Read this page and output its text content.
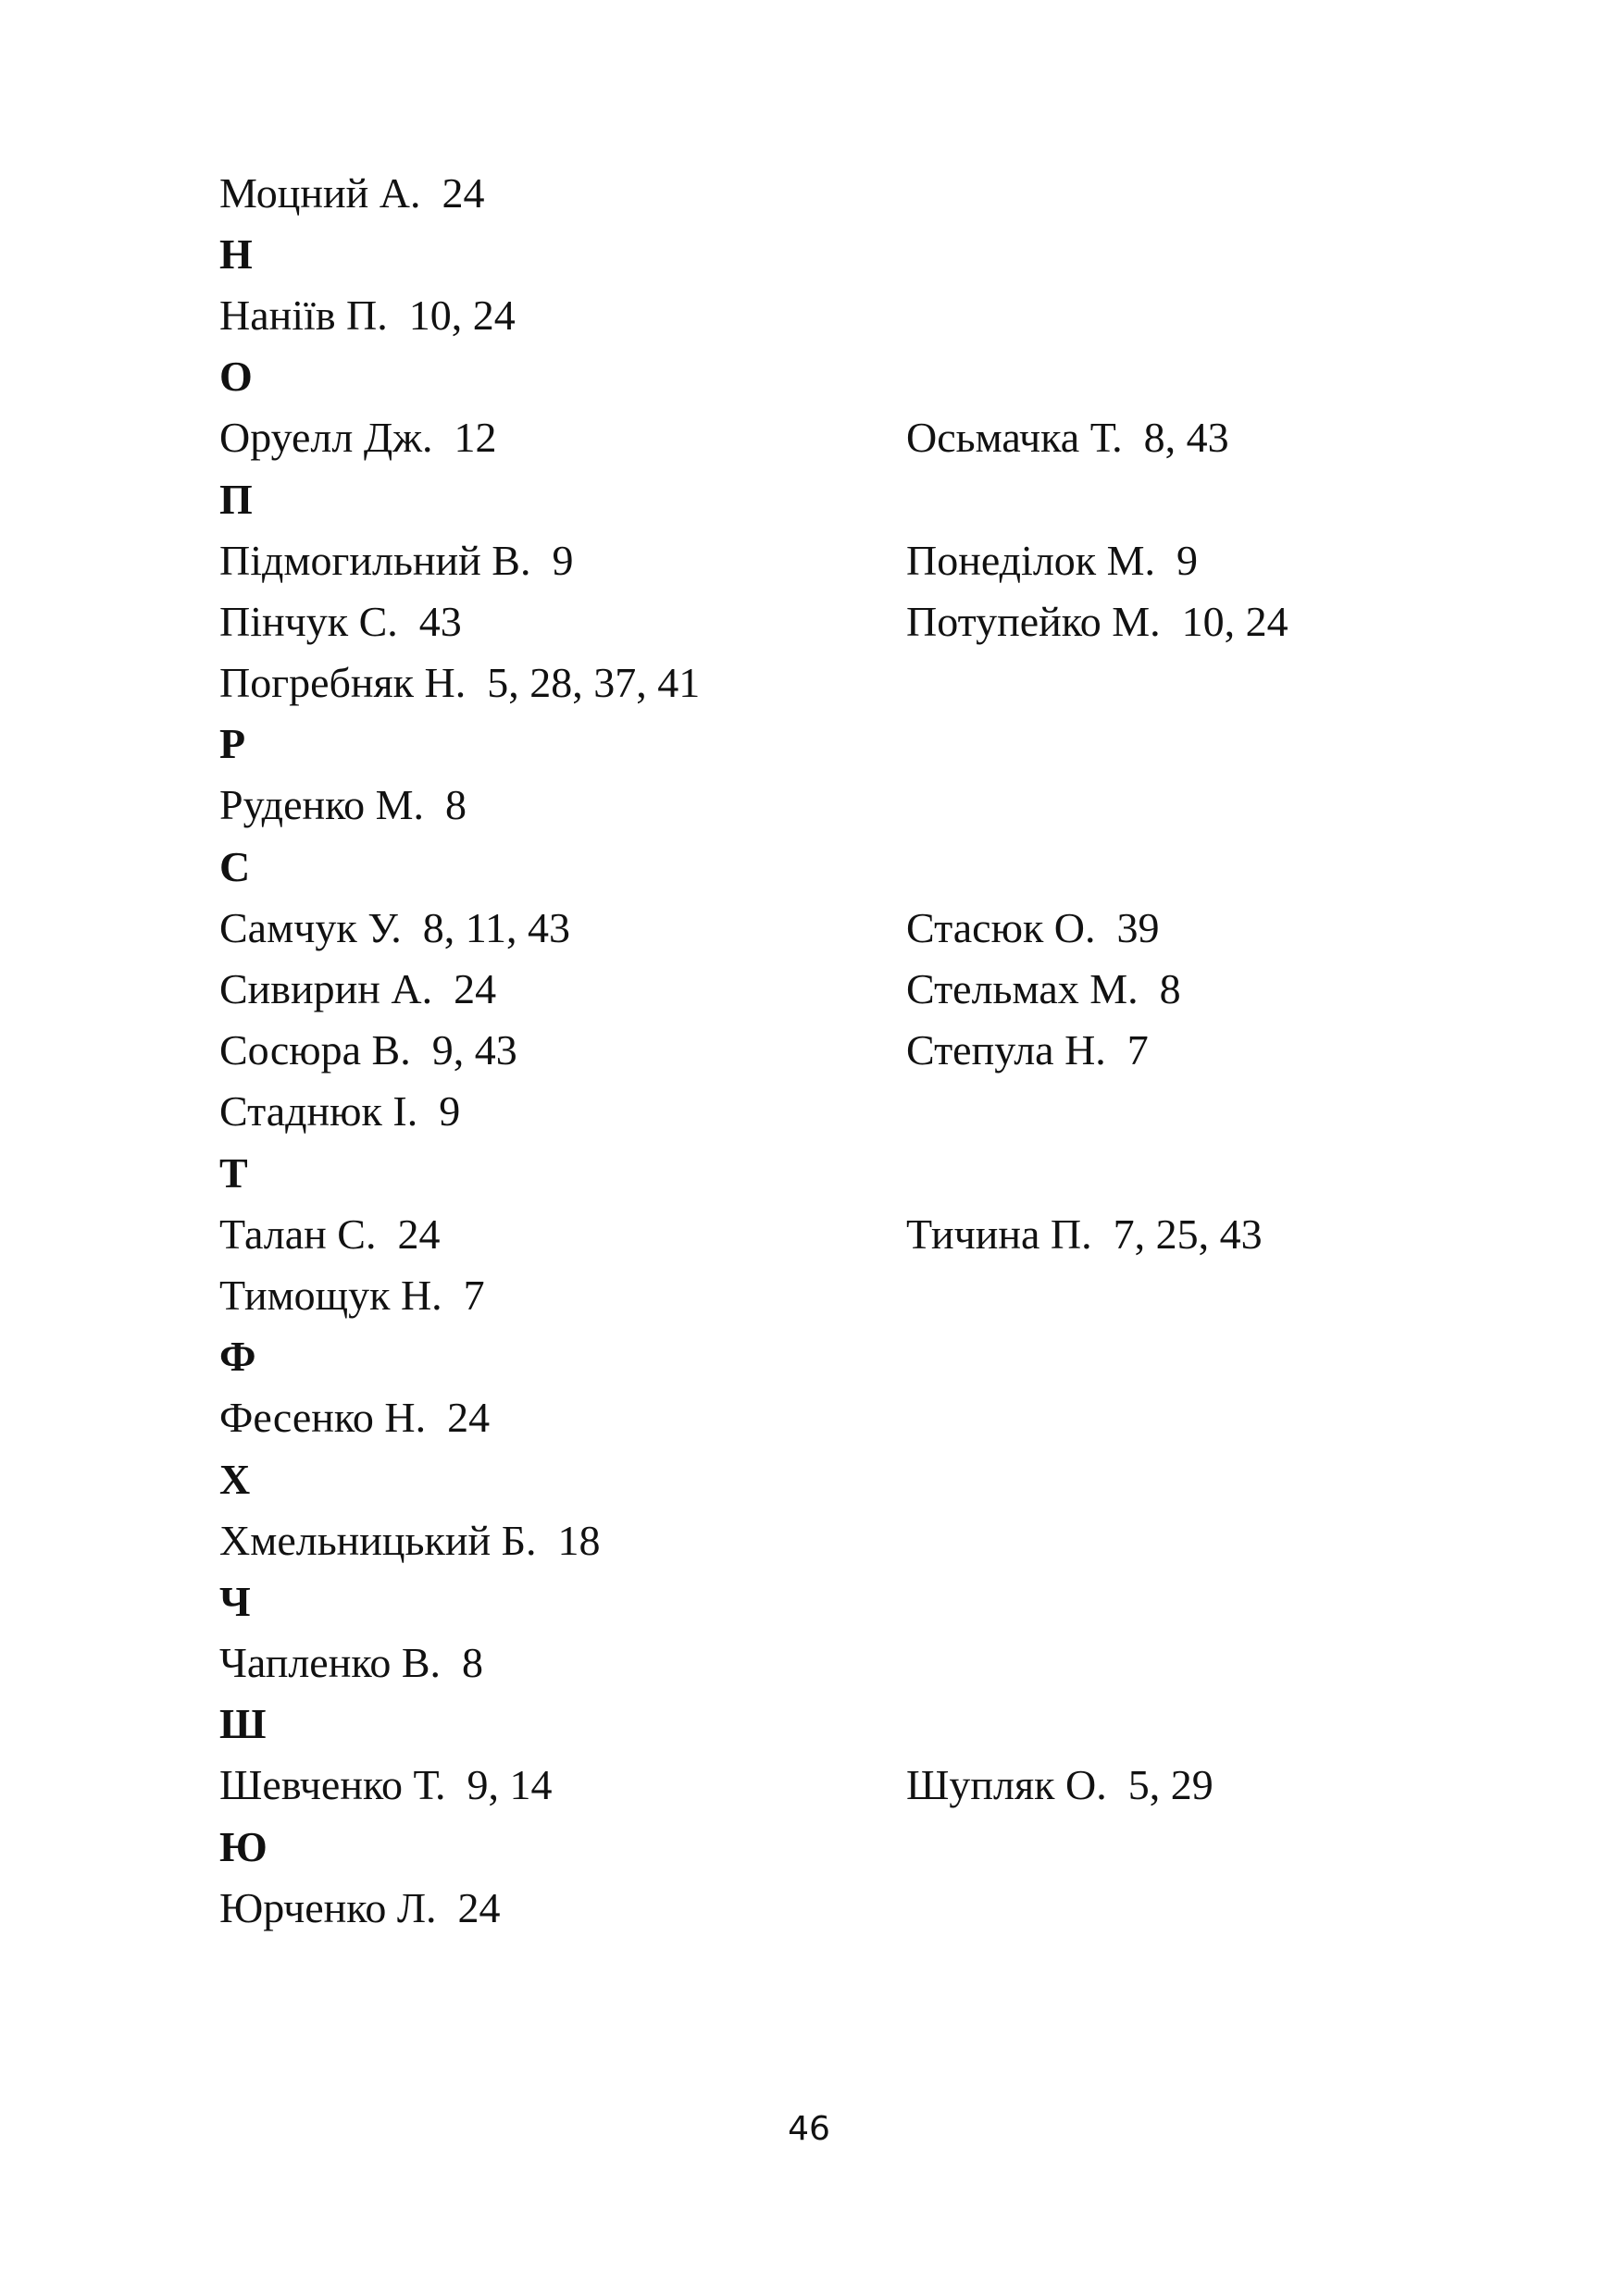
Моцний А.  24
Н
Наніїв П.  10, 24
О
Оруелл Дж.  12	Осьмачка Т.  8, 43
П
Підмогильний В.  9	Понеділок М.  9
Пінчук С.  43	Потупейко М.  10, 24
Погребняк Н.  5, 28, 37, 41
Р
Руденко М.  8
С
Самчук У.  8, 11, 43	Стасюк О.  39
Сивирин А.  24	Стельмах М.  8
Сосюра В.  9, 43	Степула Н.  7
Стаднюк І.  9
Т
Талан С.  24	Тичина П.  7, 25, 43
Тимощук Н.  7
Ф
Фесенко Н.  24
Х
Хмельницький Б.  18
Ч
Чапленко В.  8
Ш
Шевченко Т.  9, 14	Шупляк О.  5, 29
Ю
Юрченко Л.  24
46
